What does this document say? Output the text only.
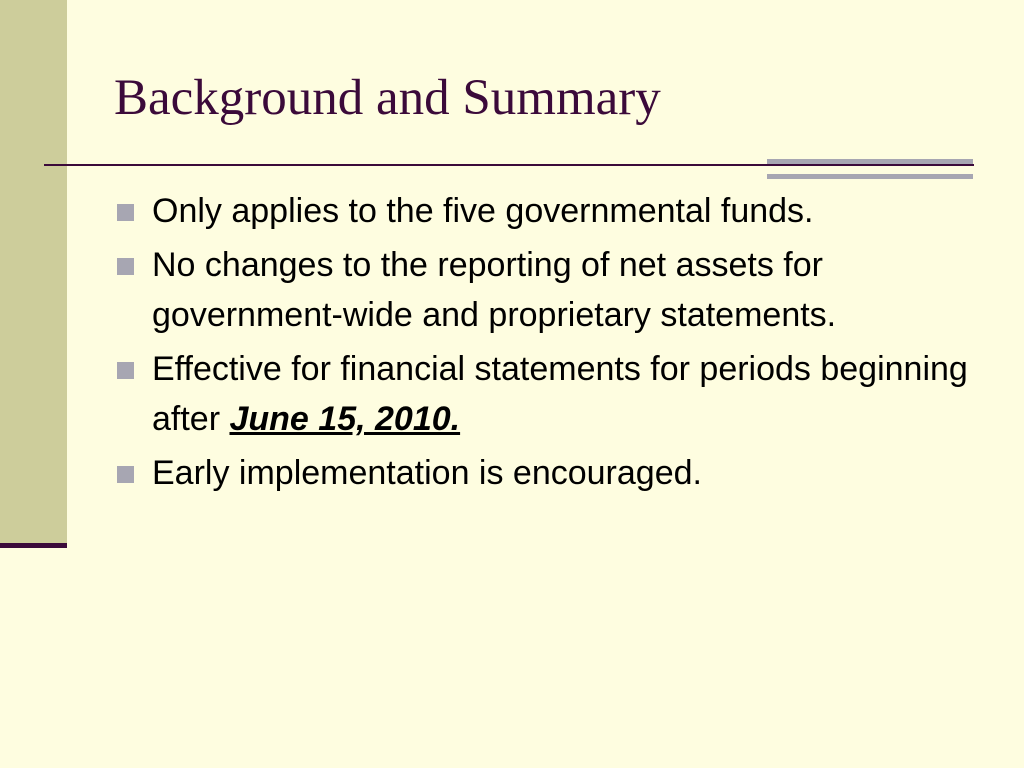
Background and Summary
Only applies to the five governmental funds.
No changes to the reporting of net assets for government-wide and proprietary statements.
Effective for financial statements for periods beginning after June 15, 2010.
Early implementation is encouraged.
